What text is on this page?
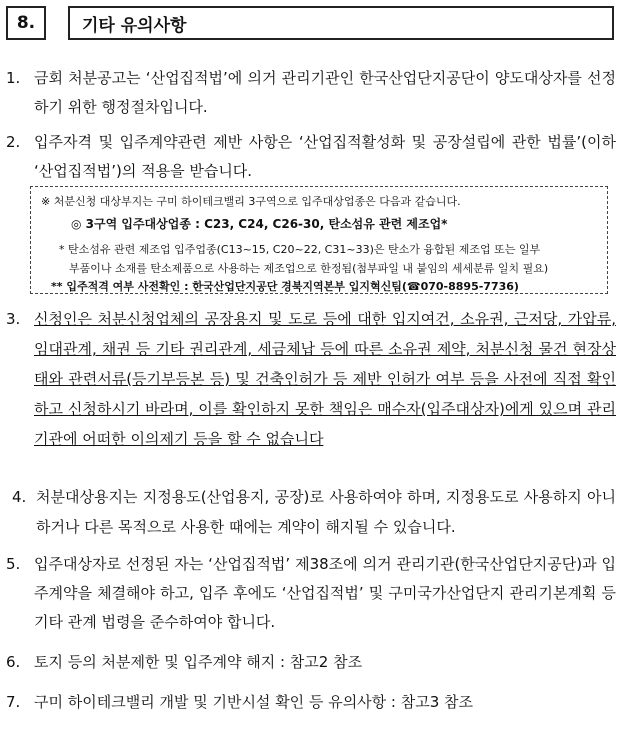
8.	기타 유의사항
1. 금회 처분공고는 ‘산업집적법’에 의거 관리기관인 한국산업단지공단이 양도대상자를 선정하기 위한 행정절차입니다.
2. 입주자격 및 입주계약관련 제반 사항은 ‘산업집적활성화 및 공장설립에 관한 법률’(이하 ‘산업집적법’)의 적용을 받습니다.
※ 처분신청 대상부지는 구미 하이테크밸리 3구역으로 입주대상업종은 다음과 같습니다.
◎ 3구역 입주대상업종 : C23, C24, C26-30, 탄소섬유 관련 제조업*
* 탄소섬유 관련 제조업 입주업종(C13~15, C20~22, C31~33)은 탄소가 융합된 제조업 또는 일부
부품이나 소재를 탄소제품으로 사용하는 제조업으로 한정됨(첨부파일 내 붙임의 세세분류 일치 필요)
** 입주적격 여부 사전확인 : 한국산업단지공단 경북지역본부 입지혁신팀(☎070-8895-7736)
3. 신청인은 처분신청업체의 공장용지 및 도로 등에 대한 입지여건, 소유권, 근저당, 가압류, 임대관계, 채권 등 기타 권리관계, 세금체납 등에 따른 소유권 제약, 처분신청 물건 현장상태와 관련서류(등기부등본 등) 및 건축인허가 등 제반 인허가 여부 등을 사전에 직접 확인하고 신청하시기 바라며, 이를 확인하지 못한 책임은 매수자(입주대상자)에게 있으며 관리기관에 어떠한 이의제기 등을 할 수 없습니다
4. 처분대상용지는 지정용도(산업용지, 공장)로 사용하여야 하며, 지정용도로 사용하지 아니하거나 다른 목적으로 사용한 때에는 계약이 해지될 수 있습니다.
5. 입주대상자로 선정된 자는 ‘산업집적법’ 제38조에 의거 관리기관(한국산업단지공단)과 입주계약을 체결해야 하고, 입주 후에도 ‘산업집적법’ 및 구미국가산업단지 관리기본계획 등 기타 관계 법령을 준수하여야 합니다.
6. 토지 등의 처분제한 및 입주계약 해지 : 참고2 참조
7. 구미 하이테크밸리 개발 및 기반시설 확인 등 유의사항 : 참고3 참조
